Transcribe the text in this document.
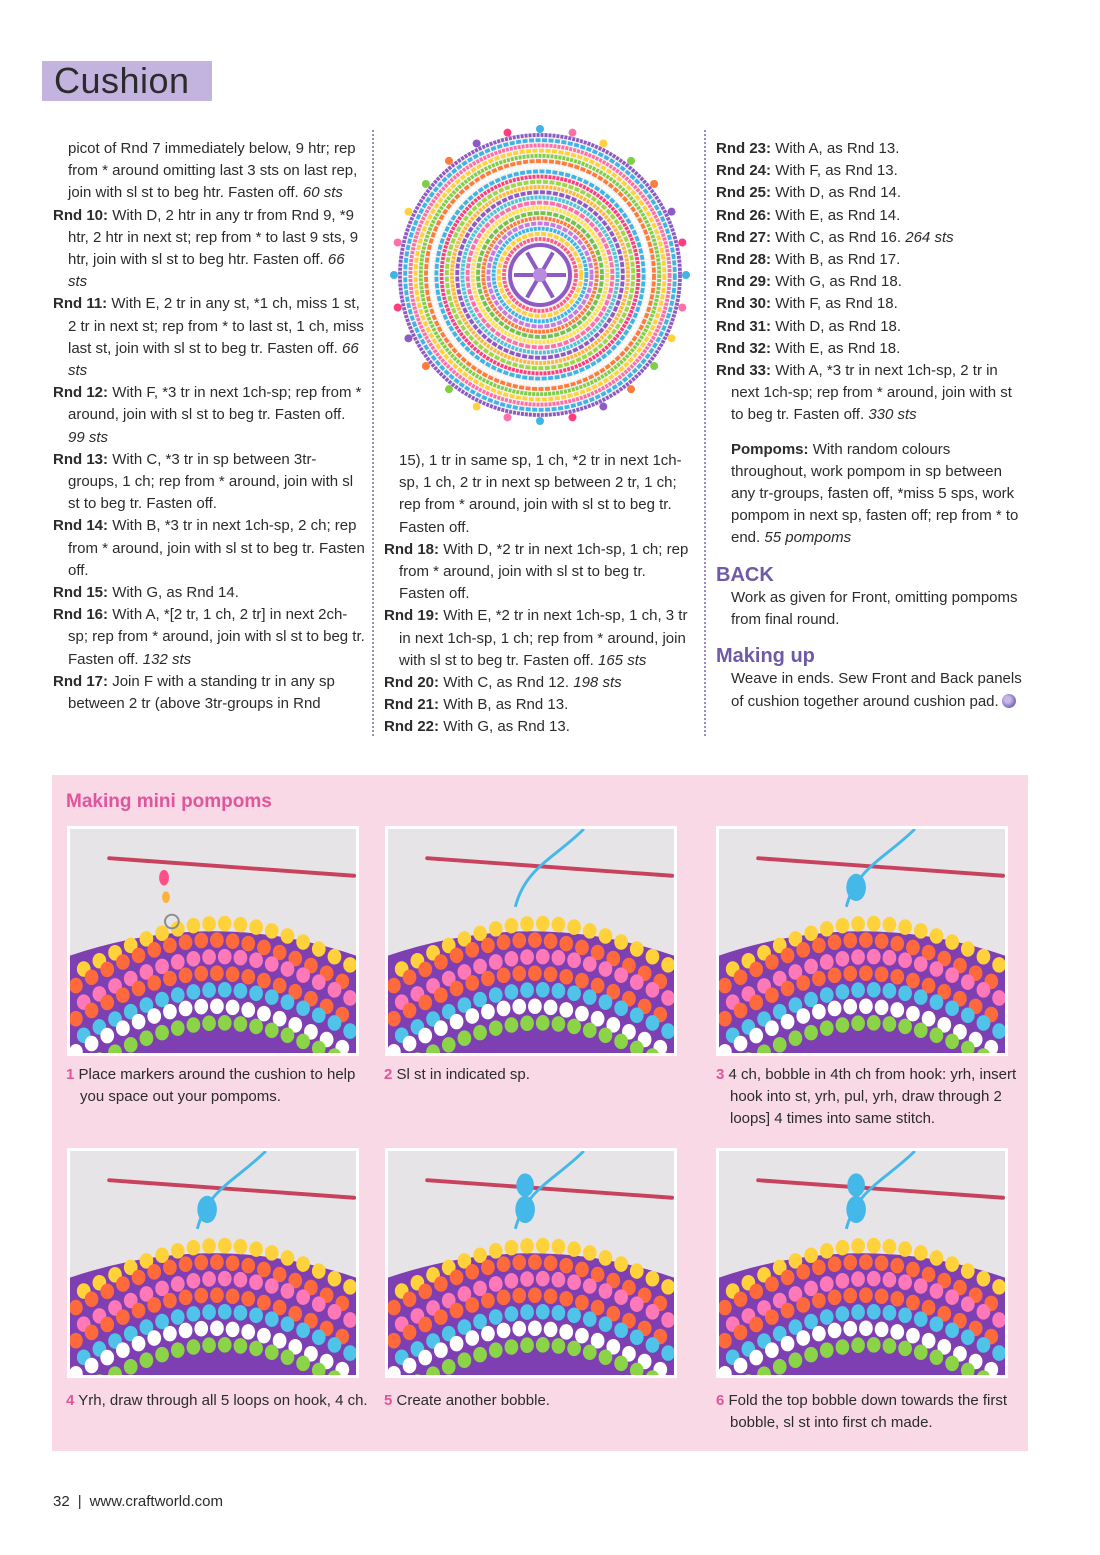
Cushion

picot of Rnd 7 immediately below, 9 htr; rep from * around omitting last 3 sts on last rep, join with sl st to beg htr. Fasten off. 60 sts

Rnd 10: With D, 2 htr in any tr from Rnd 9, *9 htr, 2 htr in next st; rep from * to last 9 sts, 9 htr, join with sl st to beg htr. Fasten off. 66 sts

Rnd 11: With E, 2 tr in any st, *1 ch, miss 1 st, 2 tr in next st; rep from * to last st, 1 ch, miss last st, join with sl st to beg tr. Fasten off. 66 sts

Rnd 12: With F, *3 tr in next 1ch-sp; rep from * around, join with sl st to beg tr. Fasten off. 99 sts

Rnd 13: With C, *3 tr in sp between 3tr-groups, 1 ch; rep from * around, join with sl st to beg tr. Fasten off.

Rnd 14: With B, *3 tr in next 1ch-sp, 2 ch; rep from * around, join with sl st to beg tr. Fasten off.

Rnd 15: With G, as Rnd 14.

Rnd 16: With A, *[2 tr, 1 ch, 2 tr] in next 2ch-sp; rep from * around, join with sl st to beg tr. Fasten off. 132 sts

Rnd 17: Join F with a standing tr in any sp between 2 tr (above 3tr-groups in Rnd

15), 1 tr in same sp, 1 ch, *2 tr in next 1ch-sp, 1 ch, 2 tr in next sp between 2 tr, 1 ch; rep from * around, join with sl st to beg tr. Fasten off.

Rnd 18: With D, *2 tr in next 1ch-sp, 1 ch; rep from * around, join with sl st to beg tr. Fasten off.

Rnd 19: With E, *2 tr in next 1ch-sp, 1 ch, 3 tr in next 1ch-sp, 1 ch; rep from * around, join with sl st to beg tr. Fasten off. 165 sts

Rnd 20: With C, as Rnd 12. 198 sts

Rnd 21: With B, as Rnd 13.

Rnd 22: With G, as Rnd 13.

Rnd 23: With A, as Rnd 13.

Rnd 24: With F, as Rnd 13.

Rnd 25: With D, as Rnd 14.

Rnd 26: With E, as Rnd 14.

Rnd 27: With C, as Rnd 16. 264 sts

Rnd 28: With B, as Rnd 17.

Rnd 29: With G, as Rnd 18.

Rnd 30: With F, as Rnd 18.

Rnd 31: With D, as Rnd 18.

Rnd 32: With E, as Rnd 18.

Rnd 33: With A, *3 tr in next 1ch-sp, 2 tr in next 1ch-sp; rep from * around, join with st to beg tr. Fasten off. 330 sts

Pompoms: With random colours throughout, work pompom in sp between any tr-groups, fasten off, *miss 5 sps, work pompom in next sp, fasten off; rep from * to end. 55 pompoms

BACK

Work as given for Front, omitting pompoms from final round.

Making up

Weave in ends. Sew Front and Back panels of cushion together around cushion pad.

Making mini pompoms
1 Place markers around the cushion to help you space out your pompoms.
2 Sl st in indicated sp.	3 4 ch, bobble in 4th ch from hook: yrh, insert hook into st, yrh, pul, yrh, draw through 2 loops] 4 times into same stitch.
4 Yrh, draw through all 5 loops on hook, 4 ch.	5 Create another bobble.	6 Fold the top bobble down towards the first bobble, sl st into first ch made.
32 | www.craftworld.com
